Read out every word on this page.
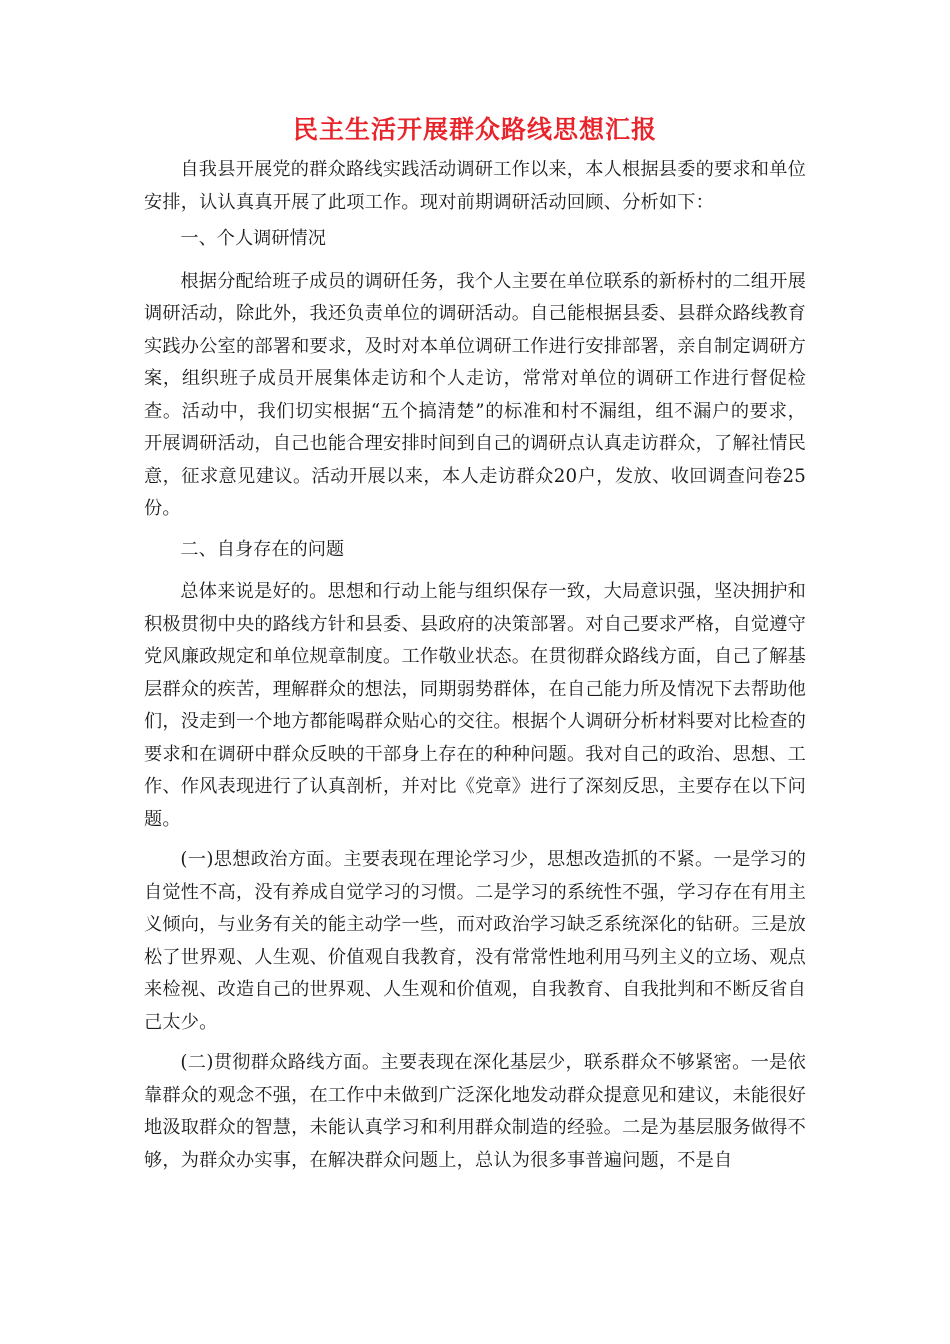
民主生活开展群众路线思想汇报

自我县开展党的群众路线实践活动调研工作以来，本人根据县委的要求和单位安排，认认真真开展了此项工作。现对前期调研活动回顾、分析如下：

一、个人调研情况

根据分配给班子成员的调研任务，我个人主要在单位联系的新桥村的二组开展调研活动，除此外，我还负责单位的调研活动。自己能根据县委、县群众路线教育实践办公室的部署和要求，及时对本单位调研工作进行安排部署，亲自制定调研方案，组织班子成员开展集体走访和个人走访，常常对单位的调研工作进行督促检查。活动中，我们切实根据“五个搞清楚”的标准和村不漏组，组不漏户的要求，开展调研活动，自己也能合理安排时间到自己的调研点认真走访群众，了解社情民意，征求意见建议。活动开展以来，本人走访群众20户，发放、收回调查问卷25份。

二、自身存在的问题

总体来说是好的。思想和行动上能与组织保存一致，大局意识强，坚决拥护和积极贯彻中央的路线方针和县委、县政府的决策部署。对自己要求严格，自觉遵守党风廉政规定和单位规章制度。工作敬业状态。在贯彻群众路线方面，自己了解基层群众的疾苦，理解群众的想法，同期弱势群体，在自己能力所及情况下去帮助他们，没走到一个地方都能喝群众贴心的交往。根据个人调研分析材料要对比检查的要求和在调研中群众反映的干部身上存在的种种问题。我对自己的政治、思想、工作、作风表现进行了认真剖析，并对比《党章》进行了深刻反思，主要存在以下问题。

(一)思想政治方面。主要表现在理论学习少，思想改造抓的不紧。一是学习的自觉性不高，没有养成自觉学习的习惯。二是学习的系统性不强，学习存在有用主义倾向，与业务有关的能主动学一些，而对政治学习缺乏系统深化的钻研。三是放松了世界观、人生观、价值观自我教育，没有常常性地利用马列主义的立场、观点来检视、改造自己的世界观、人生观和价值观，自我教育、自我批判和不断反省自己太少。

(二)贯彻群众路线方面。主要表现在深化基层少，联系群众不够紧密。一是依靠群众的观念不强，在工作中未做到广泛深化地发动群众提意见和建议，未能很好地汲取群众的智慧，未能认真学习和利用群众制造的经验。二是为基层服务做得不够，为群众办实事，在解决群众问题上，总认为很多事普遍问题，不是自
